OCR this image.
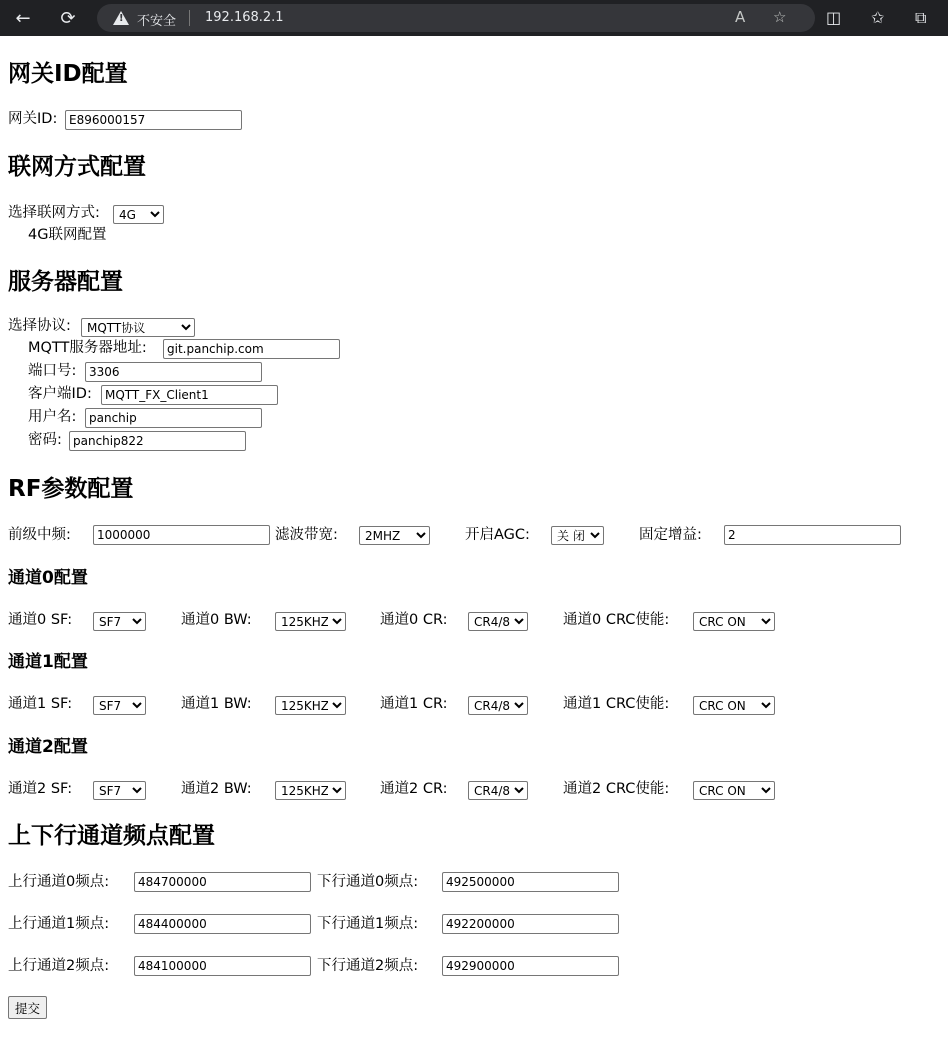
← ⟳
!	不安全 192.168.2.1	A ☆ ◫ ✩ ⧉
网关ID配置
网关ID:
E896000157
联网方式配置
选择联网方式:
4G
4G联网配置
服务器配置
选择协议:
MQTT协议
MQTT服务器地址:
git.panchip.com
端口号:
3306
客户端ID:
MQTT_FX_Client1
用户名:
panchip
密码:
panchip822
RF参数配置
前级中频:
1000000	滤波带宽:
2MHZ	开启AGC:
关 闭	固定增益:
2
通道0配置
通道0 SF:
SF7	通道0 BW:
125KHZ	通道0 CR:
CR4/8	通道0 CRC使能:
CRC ON
通道1配置
通道1 SF:
SF7	通道1 BW:
125KHZ	通道1 CR:
CR4/8	通道1 CRC使能:
CRC ON
通道2配置
通道2 SF:
SF7	通道2 BW:
125KHZ	通道2 CR:
CR4/8	通道2 CRC使能:
CRC ON
上下行通道频点配置
上行通道0频点:
484700000	下行通道0频点:
492500000
上行通道1频点:
484400000	下行通道1频点:
492200000
上行通道2频点:
484100000	下行通道2频点:
492900000
提交
